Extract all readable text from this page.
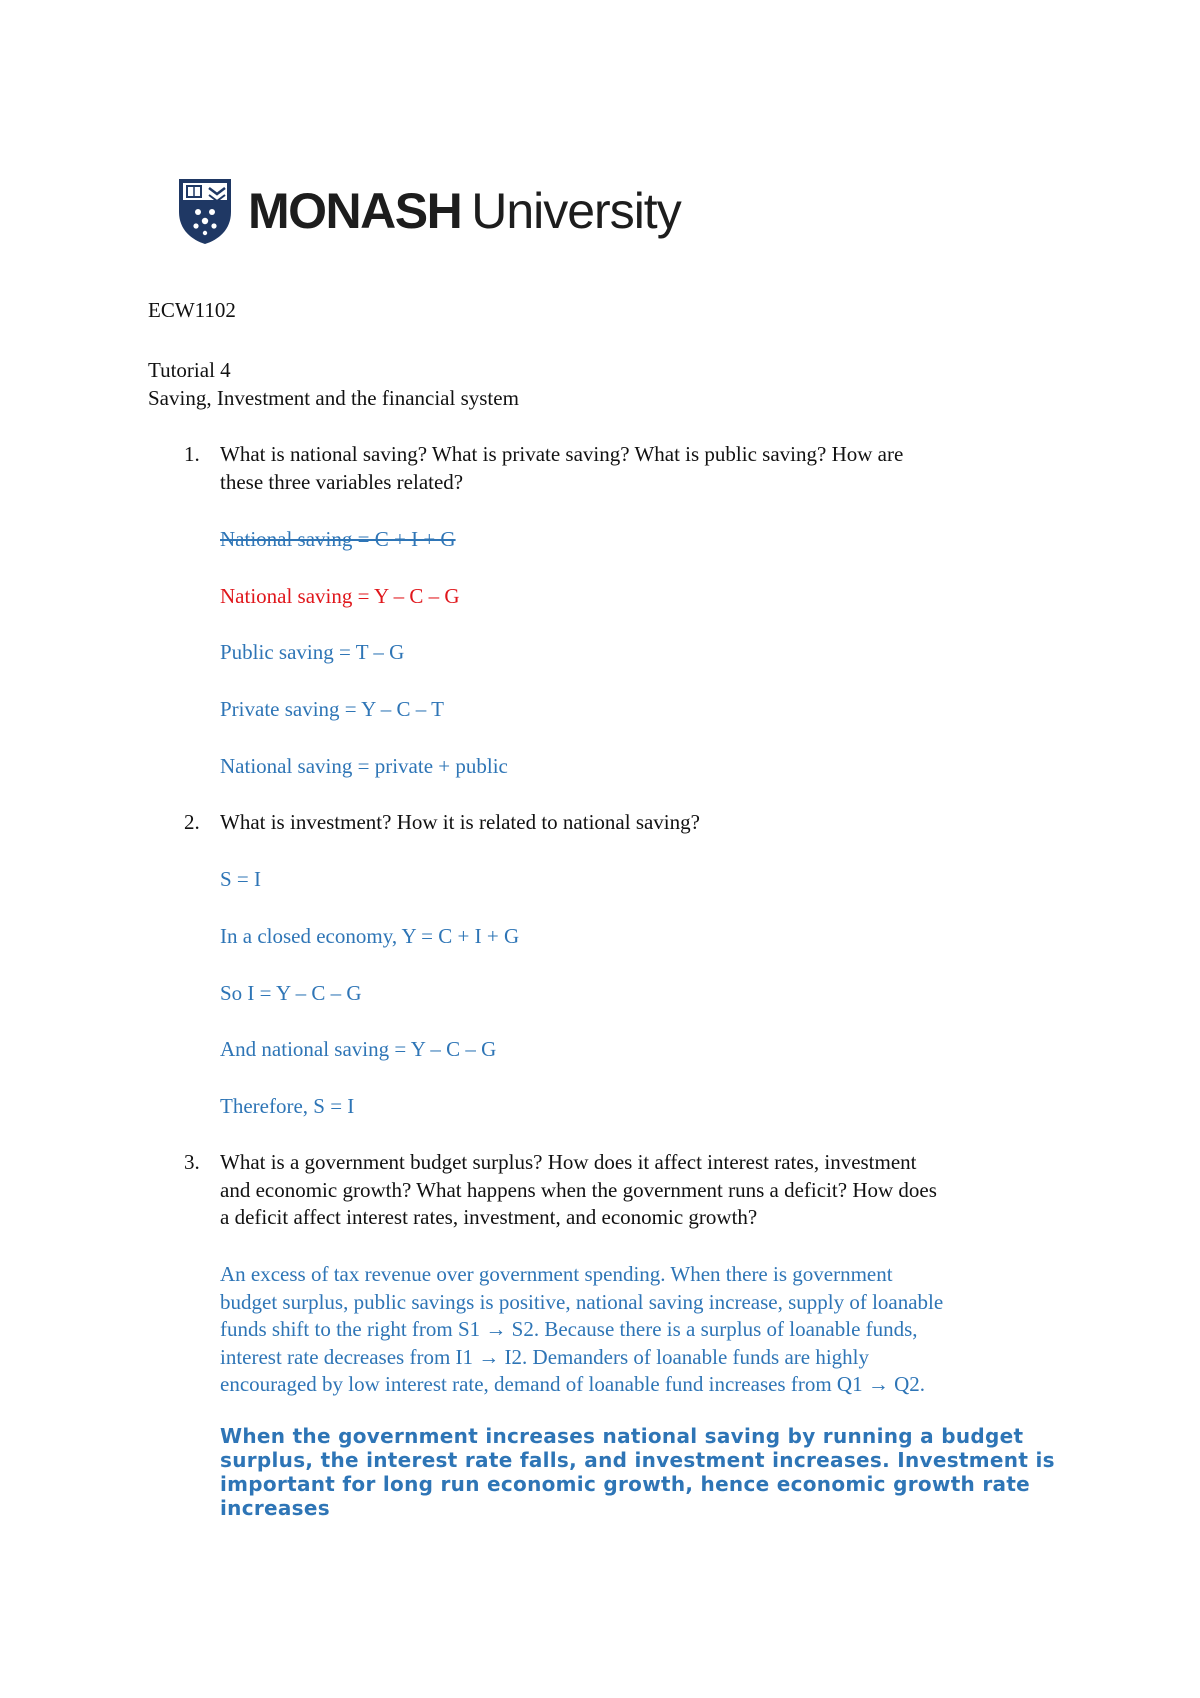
MONASH University
ECW1102
Tutorial 4
Saving, Investment and the financial system
1. What is national saving? What is private saving? What is public saving? How are
these three variables related?
National saving = C + I + G
National saving = Y – C – G
Public saving = T – G
Private saving = Y – C – T
National saving = private + public
2. What is investment? How it is related to national saving?
S = I
In a closed economy, Y = C + I + G
So I = Y – C – G
And national saving = Y – C – G
Therefore, S = I
3. What is a government budget surplus? How does it affect interest rates, investment
and economic growth? What happens when the government runs a deficit? How does
a deficit affect interest rates, investment, and economic growth?
An excess of tax revenue over government spending. When there is government
budget surplus, public savings is positive, national saving increase, supply of loanable
funds shift to the right from S1 → S2. Because there is a surplus of loanable funds,
interest rate decreases from I1 → I2. Demanders of loanable funds are highly
encouraged by low interest rate, demand of loanable fund increases from Q1 → Q2.
When the government increases national saving by running a budget
surplus, the interest rate falls, and investment increases. Investment is
important for long run economic growth, hence economic growth rate
increases
